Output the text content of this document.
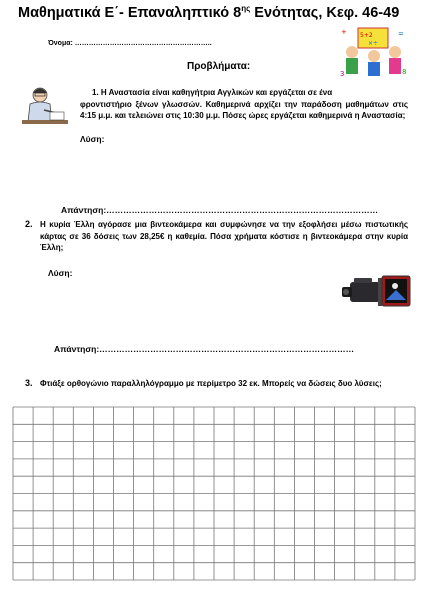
Μαθηματικά Ε΄- Επαναληπτικό $8^{\eta\varsigma}$ Ενότητας, Κεφ. 46-49
Όνομα: …………………………………………………..
5+2
×÷
+	=
8
3
Προβλήματα:
1. Η Αναστασία είναι καθηγήτρια Αγγλικών και εργάζεται σε ένα
φροντιστήριο ξένων γλωσσών. Καθημερινά αρχίζει την παράδοση μαθημάτων στις 4:15 μ.μ. και τελειώνει στις 10:30 μ.μ. Πόσες ώρες εργάζεται καθημερινά η Αναστασία;
Λύση:
Απάντηση:……………………………………………………………………………………
2. Η κυρία Έλλη αγόρασε μια βιντεοκάμερα και συμφώνησε να την εξοφλήσει μέσω πιστωτικής κάρτας σε 36 δόσεις των 28,25€ η καθεμία. Πόσα χρήματα κόστισε η βιντεοκάμερα στην κυρία Έλλη;
Λύση:
Απάντηση:………………………………………………………………………………
3. Φτιάξε ορθογώνιο παραλληλόγραμμο με περίμετρο 32 εκ. Μπορείς να δώσεις δυο λύσεις;
